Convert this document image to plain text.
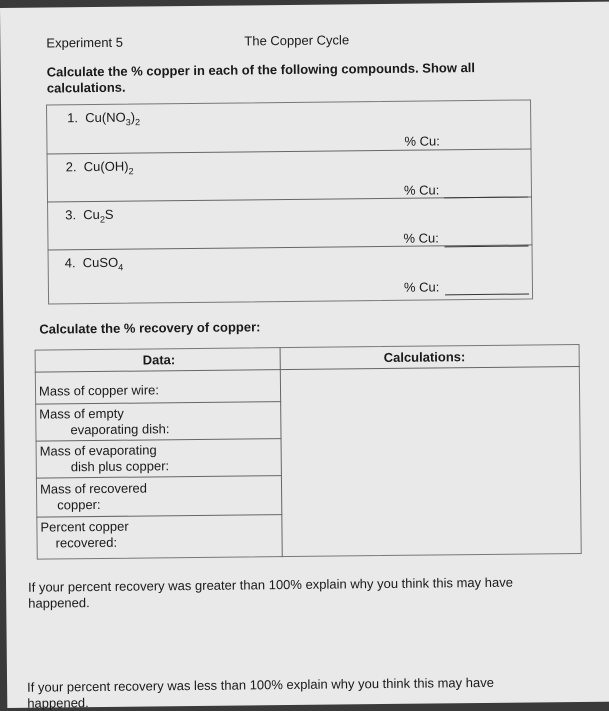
Experiment 5	The Copper Cycle
Calculate the % copper in each of the following compounds. Show all
calculations.
1. $Cu(NO_3)_2$
% Cu:
2. $Cu(OH)_2$
% Cu:
3. $Cu_2S$
% Cu:
4. CuSO$_4$
% Cu:
Calculate the % recovery of copper:
Data:	Calculations:
Mass of copper wire:
Mass of empty
evaporating dish:
Mass of evaporating
dish plus copper:
Mass of recovered
copper:
Percent copper
recovered:
If your percent recovery was greater than 100% explain why you think this may have
happened.
If your percent recovery was less than 100% explain why you think this may have
happened.
